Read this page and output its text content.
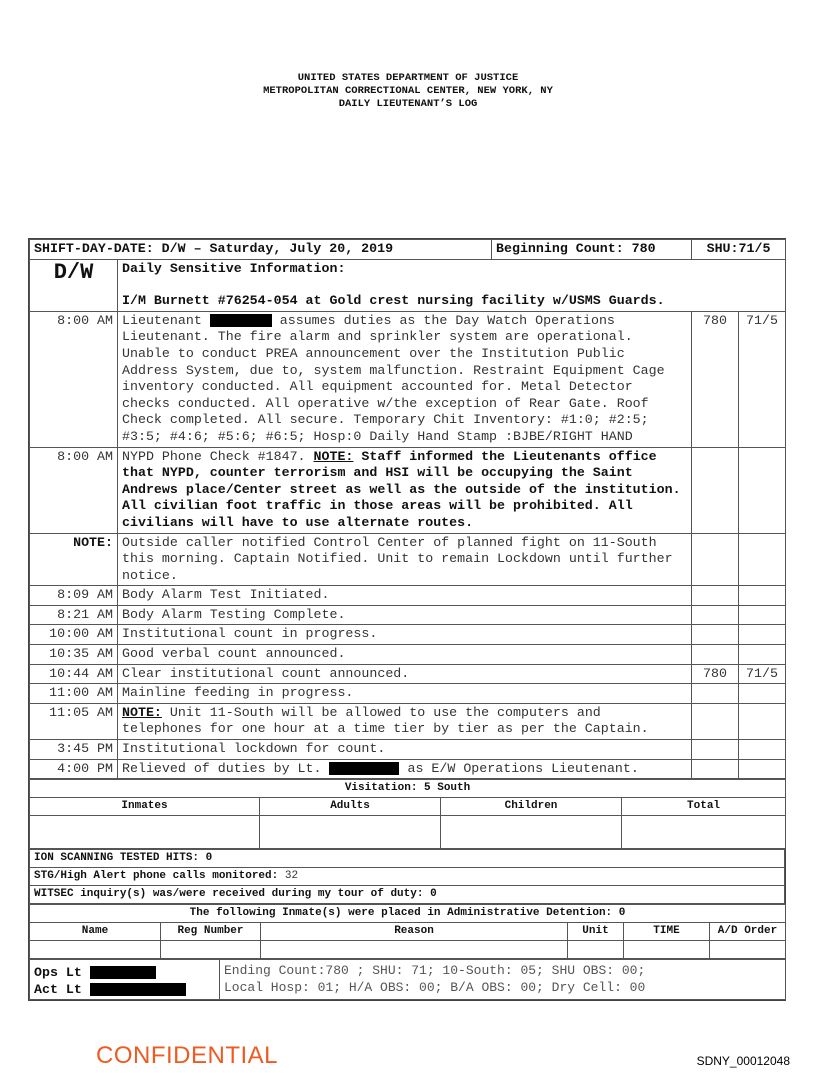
UNITED STATES DEPARTMENT OF JUSTICE
METROPOLITAN CORRECTIONAL CENTER, NEW YORK, NY
DAILY LIEUTENANT’S LOG
SHIFT-DAY-DATE: D/W – Saturday, July 20, 2019		Beginning Count: 780	SHU:71/5	

D/W	Daily Sensitive Information:
I/M Burnett #76254-054 at Gold crest nursing facility w/USMS Guards.			

8:00 AM	Lieutenant assumes duties as the Day Watch Operations Lieutenant. The fire alarm and sprinkler system are operational. Unable to conduct PREA announcement over the Institution Public Address System, due to, system malfunction. Restraint Equipment Cage inventory conducted. All equipment accounted for. Metal Detector checks conducted. All operative w/the exception of Rear Gate. Roof Check completed. All secure. Temporary Chit Inventory: #1:0; #2:5; #3:5; #4:6; #5:6; #6:5; Hosp:0 Daily Hand Stamp :BJBE/RIGHT HAND		780	71/5
8:00 AM	NYPD Phone Check #1847. NOTE: Staff informed the Lieutenants office that NYPD, counter terrorism and HSI will be occupying the Saint Andrews place/Center street as well as the outside of the institution. All civilian foot traffic in those areas will be prohibited. All civilians will have to use alternate routes.			
NOTE:	Outside caller notified Control Center of planned fight on 11-South this morning. Captain Notified. Unit to remain Lockdown until further notice.			
8:09 AM	Body Alarm Test Initiated.			
8:21 AM	Body Alarm Testing Complete.			
10:00 AM	Institutional count in progress.			
10:35 AM	Good verbal count announced.			
10:44 AM	Clear institutional count announced.		780	71/5
11:00 AM	Mainline feeding in progress.			
11:05 AM	NOTE: Unit 11-South will be allowed to use the computers and telephones for one hour at a time tier by tier as per the Captain.			
3:45 PM	Institutional lockdown for count.			
4:00 PM	Relieved of duties by Lt. as E/W Operations Lieutenant.			
Visitation: 5 South			
Inmates	Adults	Children	Total

ION SCANNING TESTED HITS: 0
STG/High Alert phone calls monitored: 32
WITSEC inquiry(s) was/were received during my tour of duty: 0
The following Inmate(s) were placed in Administrative Detention: 0					
Name	Reg Number	Reason	Unit	TIME	A/D Order

Ops Lt
Act Lt

Ending Count:780 ; SHU: 71; 10-South: 05; SHU OBS: 00;
Local Hosp: 01; H/A OBS: 00; B/A OBS: 00; Dry Cell: 00
CONFIDENTIAL	SDNY_00012048
